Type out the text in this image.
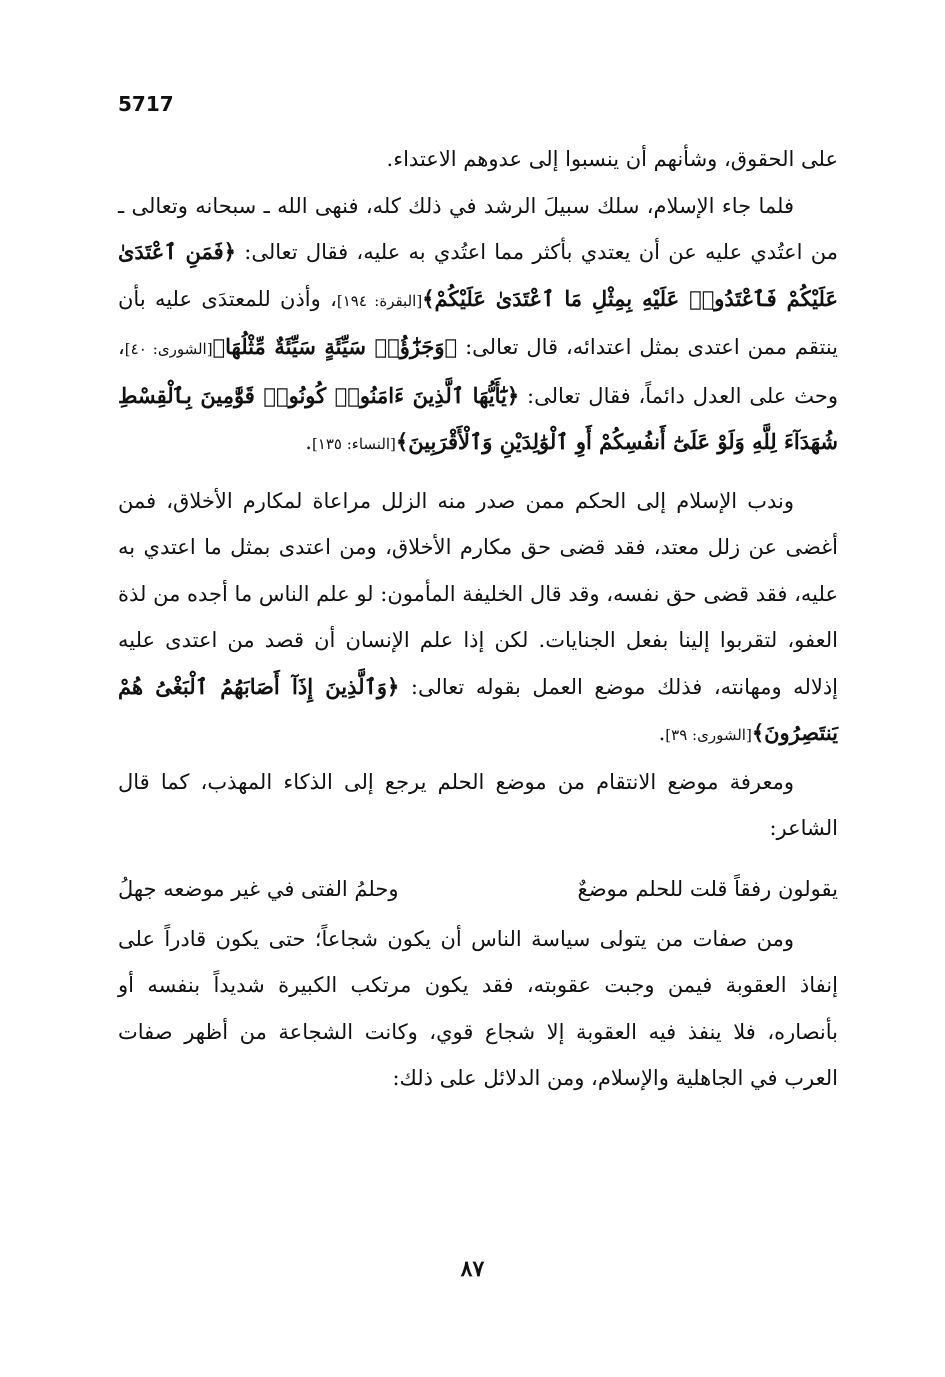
5717

على الحقوق، وشأنهم أن ينسبوا إلى عدوهم الاعتداء.

فلما جاء الإسلام، سلك سبيلَ الرشد في ذلك كله، فنهى الله ـ سبحانه وتعالى ـ من اعتُدي عليه عن أن يعتدي بأكثر مما اعتُدي به عليه، فقال تعالى: ﴿فَمَنِ ٱعْتَدَىٰ عَلَيْكُمْ فَٱعْتَدُوا۟ عَلَيْهِ بِمِثْلِ مَا ٱعْتَدَىٰ عَلَيْكُمْ﴾[البقرة: ١٩٤]، وأذن للمعتدَى عليه بأن ينتقم ممن اعتدى بمثل اعتدائه، قال تعالى: ﴿وَجَزَٰٓؤُا۟ سَيِّئَةٍ سَيِّئَةٌ مِّثْلُهَا﴾[الشورى: ٤٠]، وحث على العدل دائماً، فقال تعالى: ﴿يَٰٓأَيُّهَا ٱلَّذِينَ ءَامَنُوا۟ كُونُوا۟ قَوَّٰمِينَ بِٱلْقِسْطِ شُهَدَآءَ لِلَّهِ وَلَوْ عَلَىٰٓ أَنفُسِكُمْ أَوِ ٱلْوَٰلِدَيْنِ وَٱلْأَقْرَبِينَ﴾[النساء: ١٣٥].

وندب الإسلام إلى الحكم ممن صدر منه الزلل مراعاة لمكارم الأخلاق، فمن أغضى عن زلل معتد، فقد قضى حق مكارم الأخلاق، ومن اعتدى بمثل ما اعتدي به عليه، فقد قضى حق نفسه، وقد قال الخليفة المأمون: لو علم الناس ما أجده من لذة العفو، لتقربوا إلينا بفعل الجنايات. لكن إذا علم الإنسان أن قصد من اعتدى عليه إذلاله ومهانته، فذلك موضع العمل بقوله تعالى: ﴿وَٱلَّذِينَ إِذَآ أَصَابَهُمُ ٱلْبَغْىُ هُمْ يَنتَصِرُونَ﴾[الشورى: ٣٩].

ومعرفة موضع الانتقام من موضع الحلم يرجع إلى الذكاء المهذب، كما قال الشاعر:

يقولون رفقاً قلت للحلم موضعٌ
وحلمُ الفتى في غير موضعه جهلُ

ومن صفات من يتولى سياسة الناس أن يكون شجاعاً؛ حتى يكون قادراً على إنفاذ العقوبة فيمن وجبت عقوبته، فقد يكون مرتكب الكبيرة شديداً بنفسه أو بأنصاره، فلا ينفذ فيه العقوبة إلا شجاع قوي، وكانت الشجاعة من أظهر صفات العرب في الجاهلية والإسلام، ومن الدلائل على ذلك:

٨٧
